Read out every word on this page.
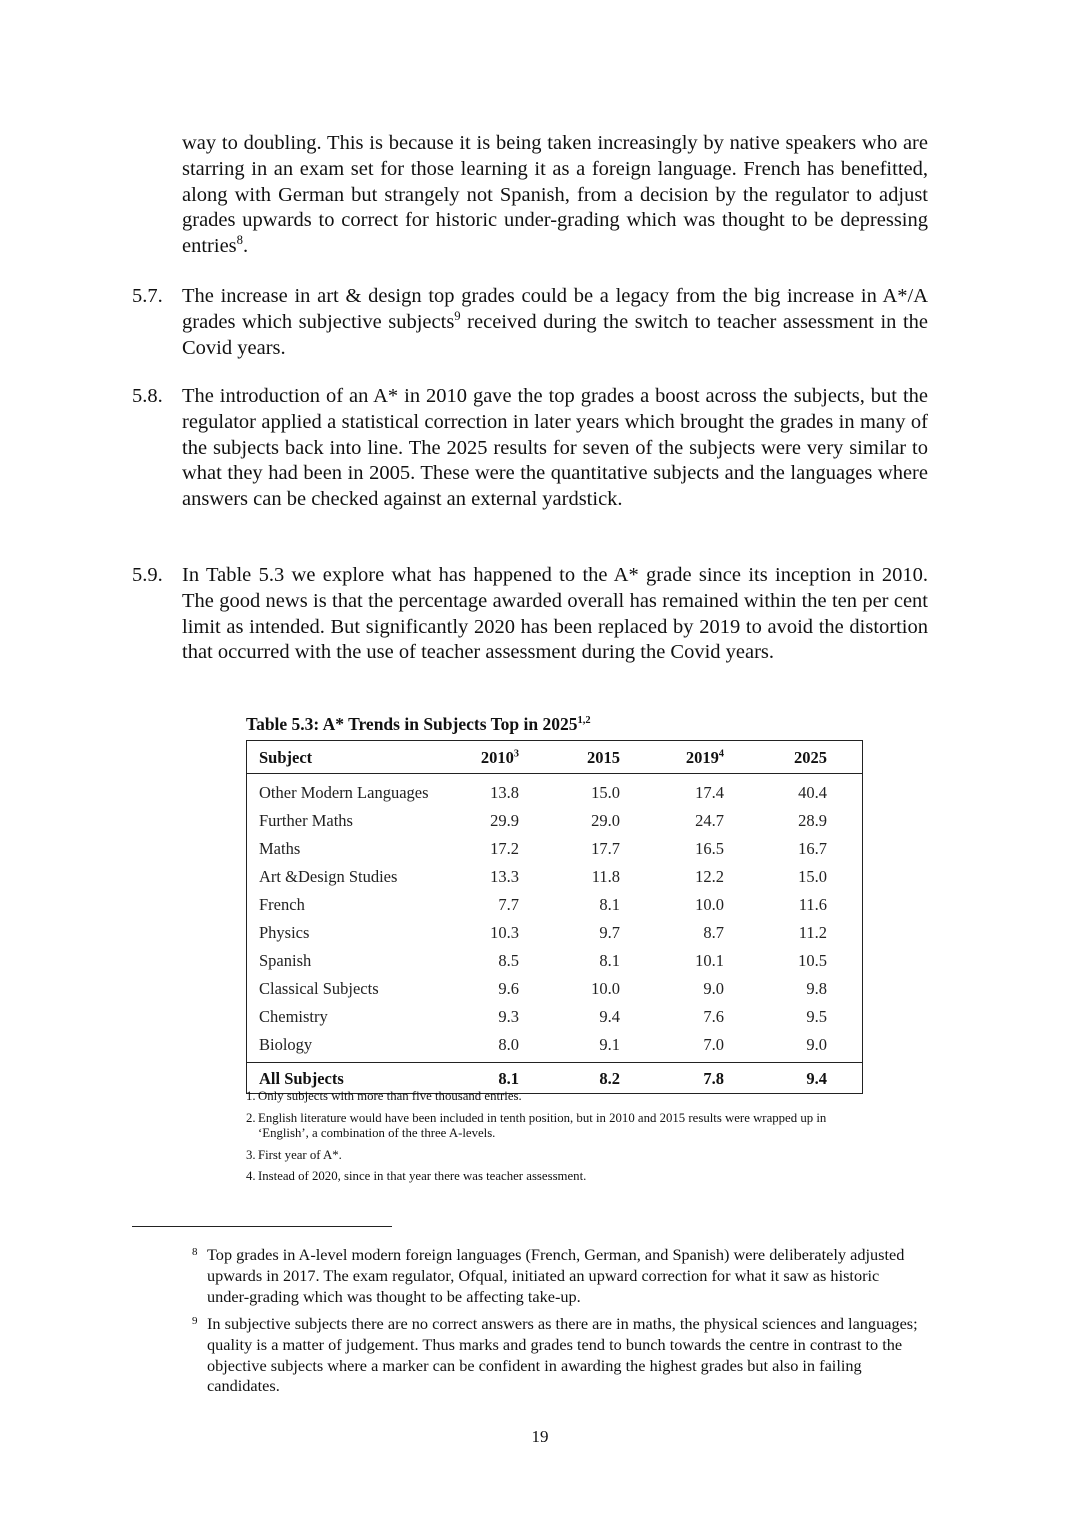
way to doubling. This is because it is being taken increasingly by native speakers who are starring in an exam set for those learning it as a foreign language. French has benefitted, along with German but strangely not Spanish, from a decision by the regulator to adjust grades upwards to correct for historic under-grading which was thought to be depressing entries$^8$.
5.7. The increase in art & design top grades could be a legacy from the big increase in A*/A grades which subjective subjects$^9$ received during the switch to teacher assessment in the Covid years.
5.8. The introduction of an A* in 2010 gave the top grades a boost across the subjects, but the regulator applied a statistical correction in later years which brought the grades in many of the subjects back into line. The 2025 results for seven of the subjects were very similar to what they had been in 2005. These were the quantitative subjects and the languages where answers can be checked against an external yardstick.
5.9. In Table 5.3 we explore what has happened to the A* grade since its inception in 2010. The good news is that the percentage awarded overall has remained within the ten per cent limit as intended. But significantly 2020 has been replaced by 2019 to avoid the distortion that occurred with the use of teacher assessment during the Covid years.
Table 5.3: A* Trends in Subjects Top in 2025$^{1,2}$
Subject	2010$^3$	2015	2019$^4$	2025
Other Modern Languages	13.8	15.0	17.4	40.4
Further Maths	29.9	29.0	24.7	28.9
Maths	17.2	17.7	16.5	16.7
Art &Design Studies	13.3	11.8	12.2	15.0
French	7.7	8.1	10.0	11.6
Physics	10.3	9.7	8.7	11.2
Spanish	8.5	8.1	10.1	10.5
Classical Subjects	9.6	10.0	9.0	9.8
Chemistry	9.3	9.4	7.6	9.5
Biology	8.0	9.1	7.0	9.0
All Subjects	8.1	8.2	7.8	9.4
1. Only subjects with more than five thousand entries.
2. English literature would have been included in tenth position, but in 2010 and 2015 results were wrapped up in ‘English’, a combination of the three A-levels.
3. First year of A*.
4. Instead of 2020, since in that year there was teacher assessment.
8 Top grades in A-level modern foreign languages (French, German, and Spanish) were deliberately adjusted upwards in 2017. The exam regulator, Ofqual, initiated an upward correction for what it saw as historic under-grading which was thought to be affecting take-up.
9 In subjective subjects there are no correct answers as there are in maths, the physical sciences and languages; quality is a matter of judgement. Thus marks and grades tend to bunch towards the centre in contrast to the objective subjects where a marker can be confident in awarding the highest grades but also in failing candidates.
19
